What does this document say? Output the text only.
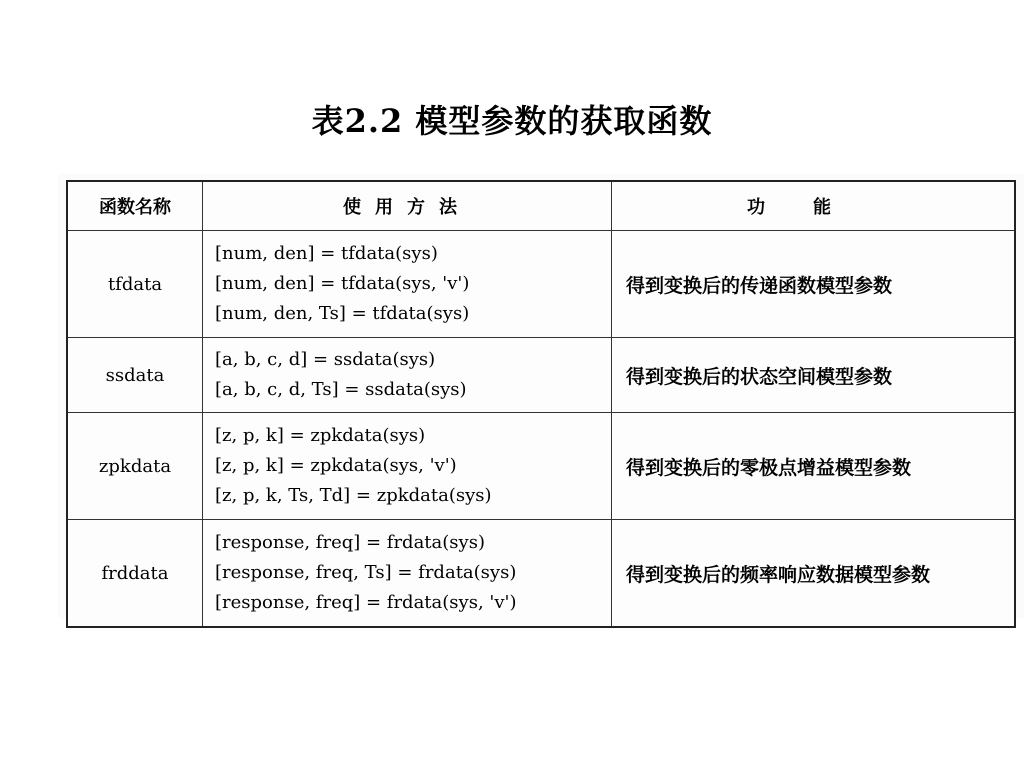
表2.2 模型参数的获取函数
函数名称	使用方法	功能
tfdata	[num, den] = tfdata(sys)
[num, den] = tfdata(sys, 'v')
[num, den, Ts] = tfdata(sys)	得到变换后的传递函数模型参数
ssdata	[a, b, c, d] = ssdata(sys)
[a, b, c, d, Ts] = ssdata(sys)	得到变换后的状态空间模型参数
zpkdata	[z, p, k] = zpkdata(sys)
[z, p, k] = zpkdata(sys, 'v')
[z, p, k, Ts, Td] = zpkdata(sys)	得到变换后的零极点增益模型参数
frddata	[response, freq] = frdata(sys)
[response, freq, Ts] = frdata(sys)
[response, freq] = frdata(sys, 'v')	得到变换后的频率响应数据模型参数
